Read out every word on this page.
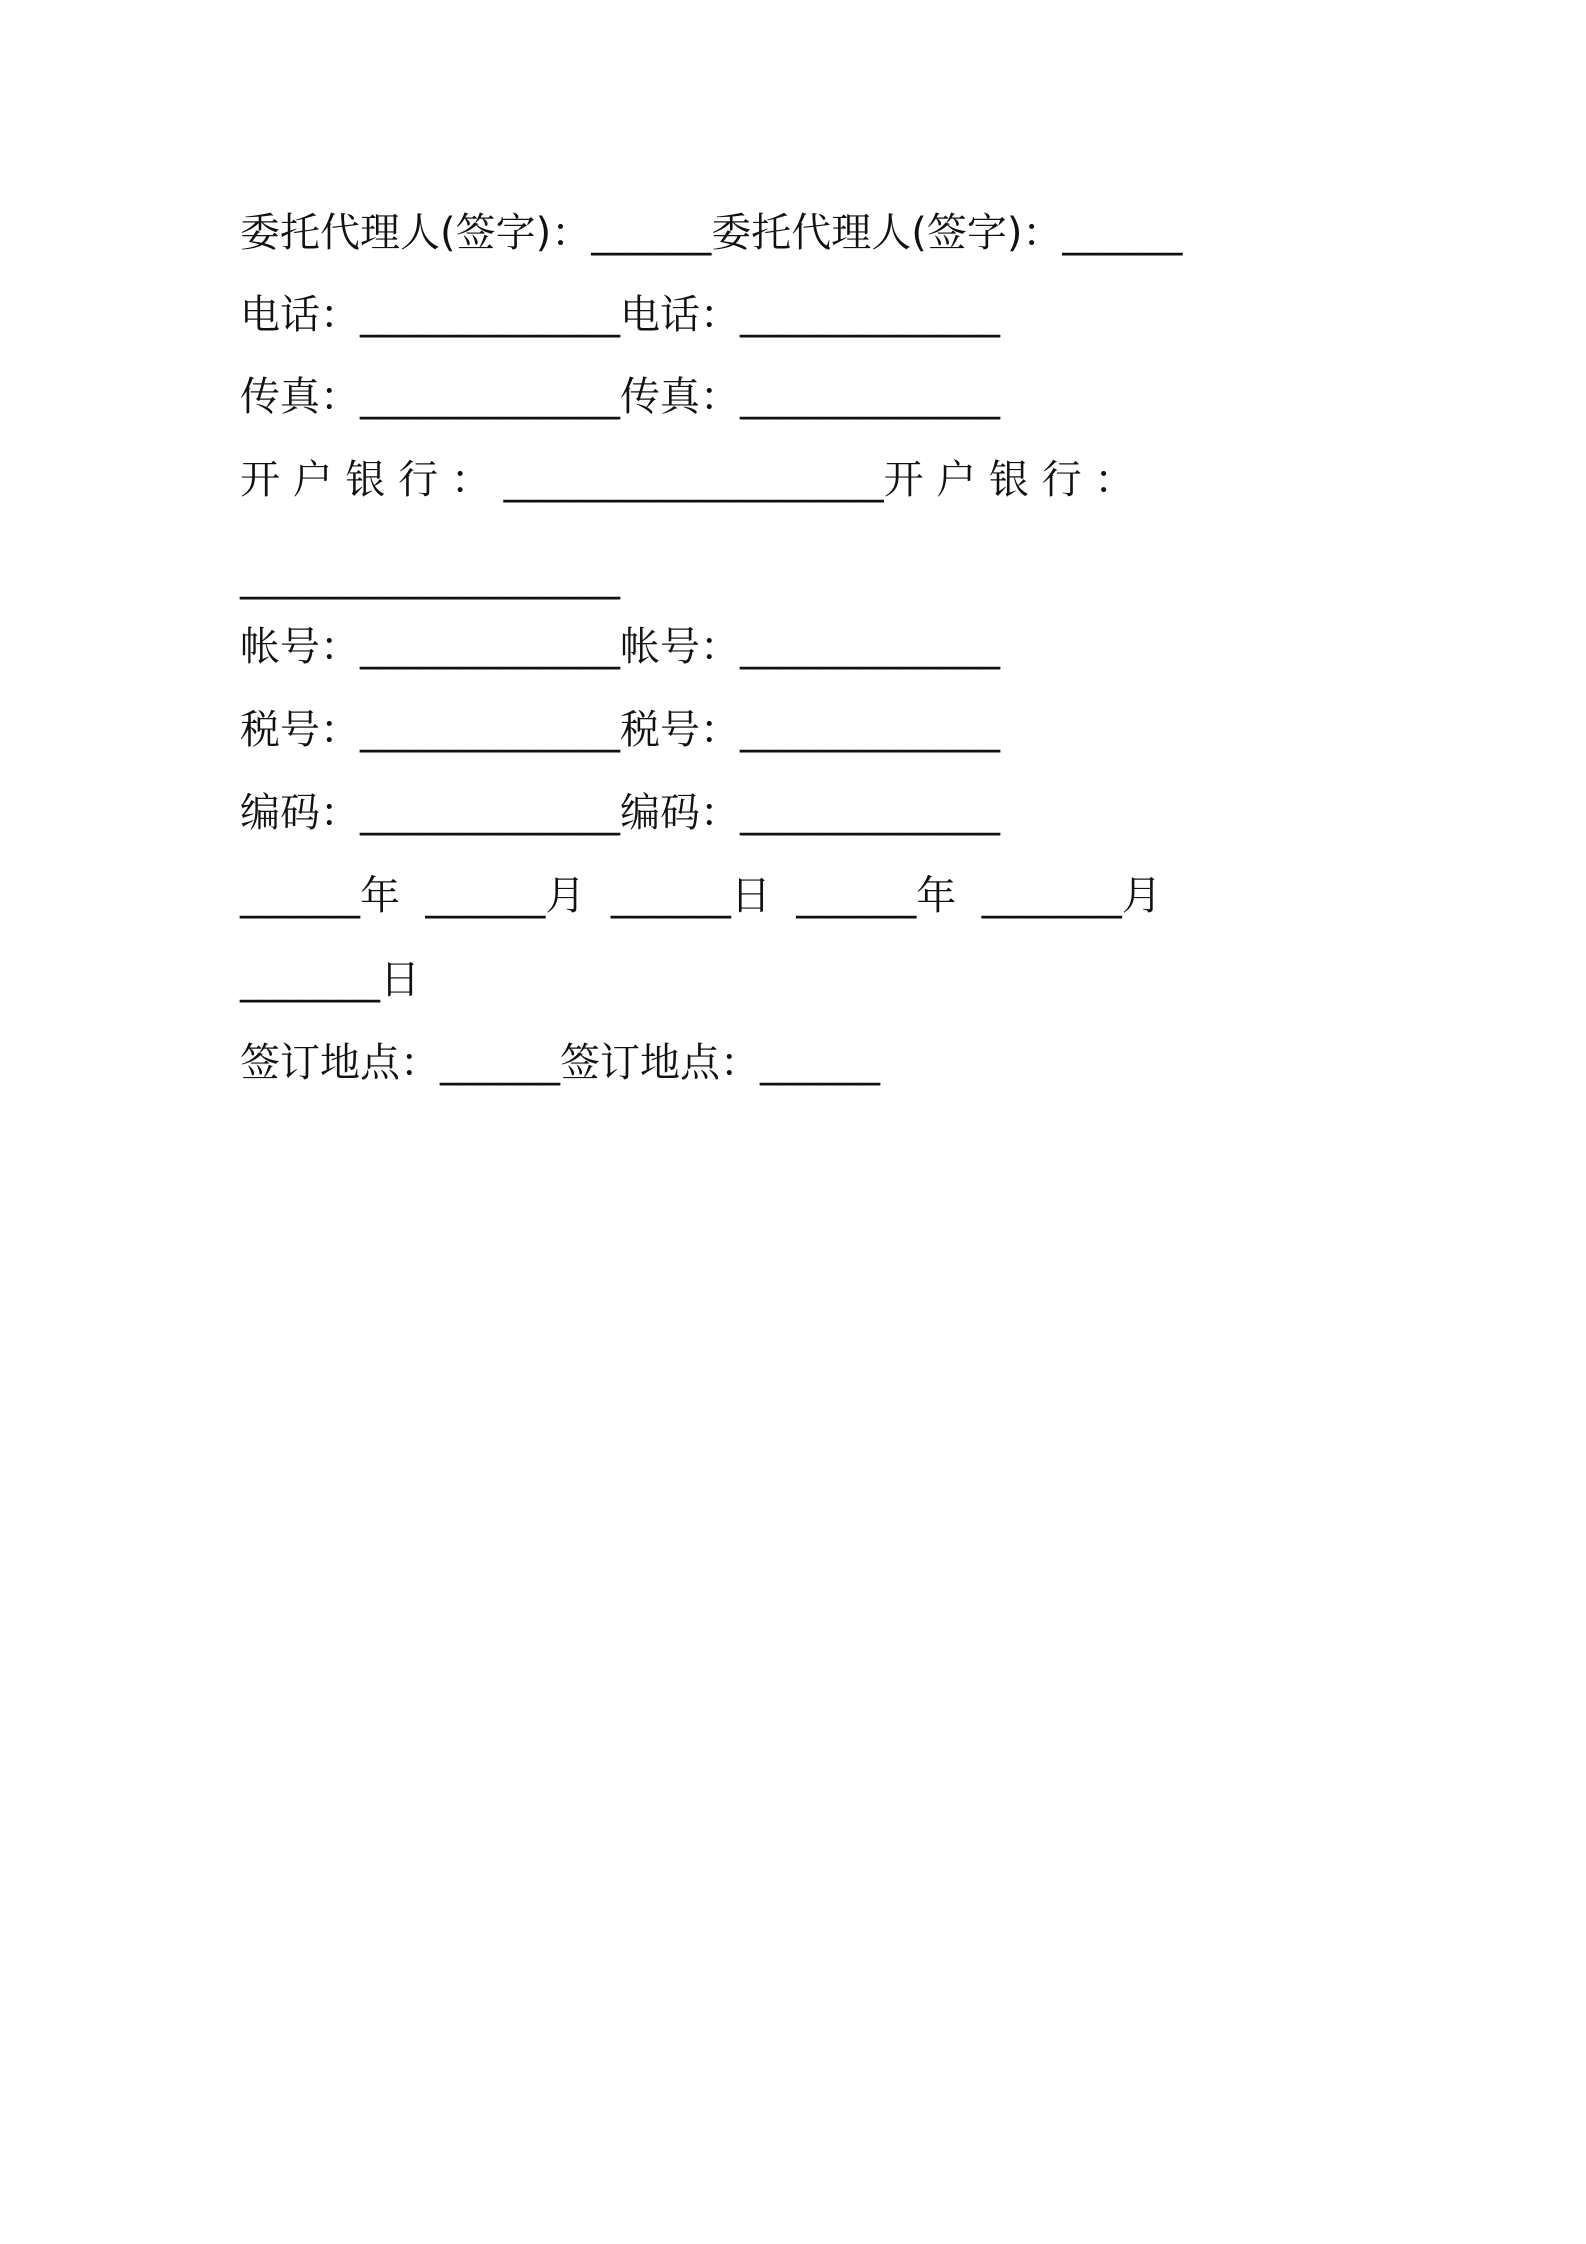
委托代理人(签字)：______委托代理人(签字)：______
电话：_____________电话：_____________
传真：_____________传真：_____________
开 户 银 行 ： ___________________开 户 银 行 ：
___________________
帐号：_____________帐号：_____________
税号：_____________税号：_____________
编码：_____________编码：_____________
______年  ______月  ______日  ______年  _______月
_______日
签订地点：______签订地点：______
